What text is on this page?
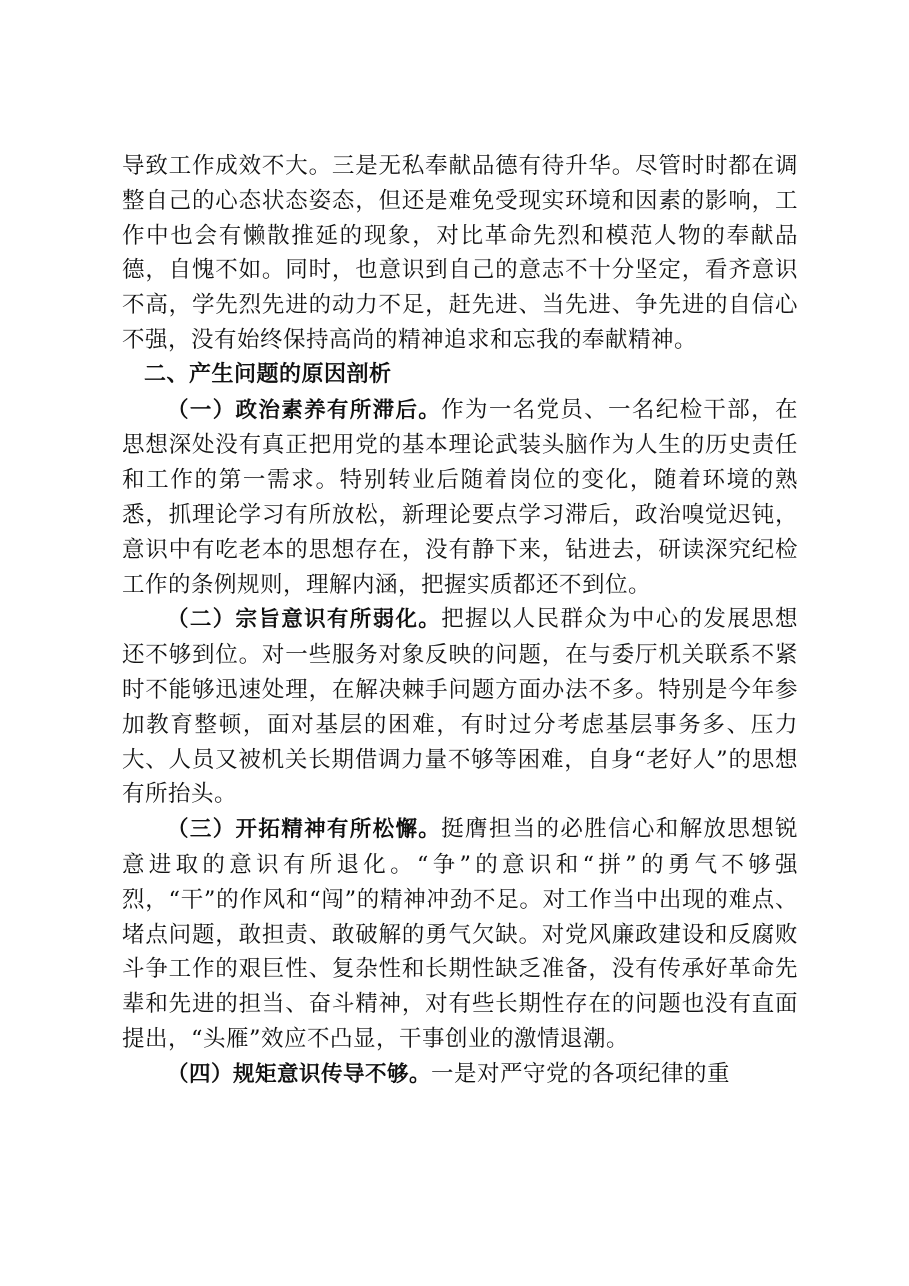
导致工作成效不大。三是无私奉献品德有待升华。尽管时时都在调整自己的心态状态姿态，但还是难免受现实环境和因素的影响，工作中也会有懒散推延的现象，对比革命先烈和模范人物的奉献品德，自愧不如。同时，也意识到自己的意志不十分坚定，看齐意识不高，学先烈先进的动力不足，赶先进、当先进、争先进的自信心不强，没有始终保持高尚的精神追求和忘我的奉献精神。

二、产生问题的原因剖析

（一）政治素养有所滞后。作为一名党员、一名纪检干部，在思想深处没有真正把用党的基本理论武装头脑作为人生的历史责任和工作的第一需求。特别转业后随着岗位的变化，随着环境的熟悉，抓理论学习有所放松，新理论要点学习滞后，政治嗅觉迟钝，意识中有吃老本的思想存在，没有静下来，钻进去，研读深究纪检工作的条例规则，理解内涵，把握实质都还不到位。

（二）宗旨意识有所弱化。把握以人民群众为中心的发展思想还不够到位。对一些服务对象反映的问题，在与委厅机关联系不紧时不能够迅速处理，在解决棘手问题方面办法不多。特别是今年参加教育整顿，面对基层的困难，有时过分考虑基层事务多、压力大、人员又被机关长期借调力量不够等困难，自身“老好人”的思想有所抬头。

（三）开拓精神有所松懈。挺膺担当的必胜信心和解放思想锐意进取的意识有所退化。“争”的意识和“拼”的勇气不够强烈，“干”的作风和“闯”的精神冲劲不足。对工作当中出现的难点、堵点问题，敢担责、敢破解的勇气欠缺。对党风廉政建设和反腐败斗争工作的艰巨性、复杂性和长期性缺乏准备，没有传承好革命先辈和先进的担当、奋斗精神，对有些长期性存在的问题也没有直面提出，“头雁”效应不凸显，干事创业的激情退潮。

（四）规矩意识传导不够。一是对严守党的各项纪律的重
